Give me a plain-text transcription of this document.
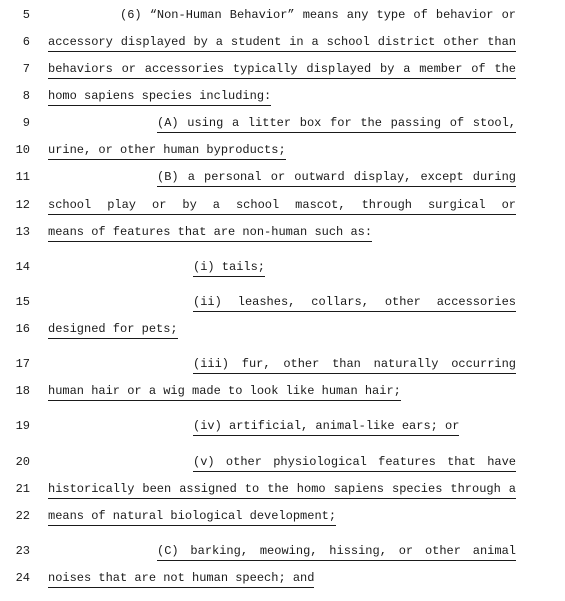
5	(6) “Non-Human Behavior” means any type of behavior or
6 accessory displayed by a student in a school district other than
7 behaviors or accessories typically displayed by a member of the
8 homo sapiens species including:
9	(A) using a litter box for the passing of stool,
10 urine, or other human byproducts;
11	(B) a personal or outward display, except during
12 school play or by a school mascot, through surgical or
13 means of features that are non-human such as:
14	(i) tails;
15	(ii) leashes, collars, other accessories
16 designed for pets;
17	(iii) fur, other than naturally occurring
18 human hair or a wig made to look like human hair;
19	(iv) artificial, animal-like ears; or
20	(v) other physiological features that have
21 historically been assigned to the homo sapiens species through a
22 means of natural biological development;
23	(C) barking, meowing, hissing, or other animal
24 noises that are not human speech; and
